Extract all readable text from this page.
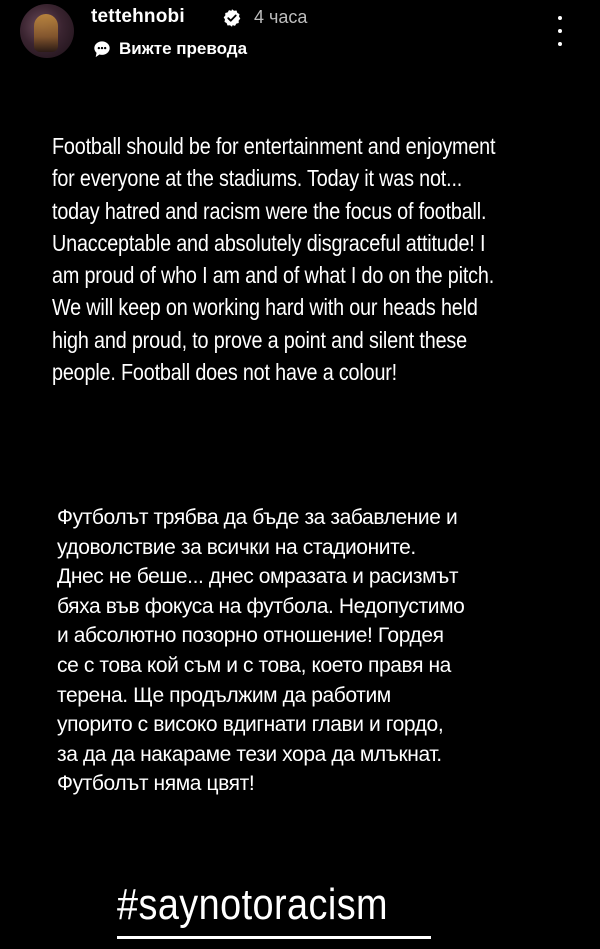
tettehnobi	4 часа
Вижте превода
Football should be for entertainment and enjoyment
for everyone at the stadiums. Today it was not...
today hatred and racism were the focus of football.
Unacceptable and absolutely disgraceful attitude! I
am proud of who I am and of what I do on the pitch.
We will keep on working hard with our heads held
high and proud, to prove a point and silent these
people. Football does not have a colour!
Футболът трябва да бъде за забавление и
удоволствие за всички на стадионите.
Днес не беше... днес омразата и расизмът
бяха във фокуса на футбола. Недопустимо
и абсолютно позорно отношение! Гордея
се с това кой съм и с това, което правя на
терена. Ще продължим да работим
упорито с високо вдигнати глави и гордо,
за да да накараме тези хора да млъкнат.
Футболът няма цвят!
#saynotoracism
